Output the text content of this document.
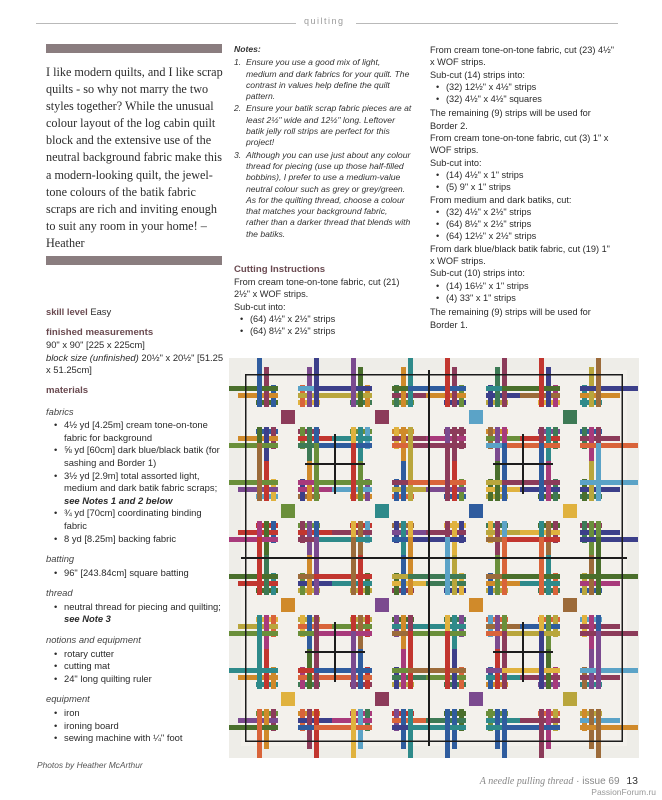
quilting
I like modern quilts, and I like scrap quilts - so why not marry the two styles together? While the unusual colour layout of the log cabin quilt block and the extensive use of the neutral background fabric make this a modern-looking quilt, the jewel-tone colours of the batik fabric scraps are rich and inviting enough to suit any room in your home! – Heather
skill level Easy
finished measurements
90" x 90" [225 x 225cm]
block size (unfinished) 20½" x 20½" [51.25 x 51.25cm]
materials
fabrics
• 4½ yd [4.25m] cream tone-on-tone fabric for background
• ⅝ yd [60cm] dark blue/black batik (for sashing and Border 1)
• 3½ yd [2.9m] total assorted light, medium and dark batik fabric scraps; see Notes 1 and 2 below
• ¾ yd [70cm] coordinating binding fabric
• 8 yd [8.25m] backing fabric
batting
• 96" [243.84cm] square batting
thread
• neutral thread for piecing and quilting; see Note 3
notions and equipment
• rotary cutter
• cutting mat
• 24" long quilting ruler
equipment
• iron
• ironing board
• sewing machine with ¼" foot
Notes:
1. Ensure you use a good mix of light, medium and dark fabrics for your quilt. The contrast in values help define the quilt pattern.
2. Ensure your batik scrap fabric pieces are at least 2½" wide and 12½" long. Leftover batik jelly roll strips are perfect for this project!
3. Although you can use just about any colour thread for piecing (use up those half-filled bobbins), I prefer to use a medium-value neutral colour such as grey or grey/green. As for the quilting thread, choose a colour that matches your background fabric, rather than a darker thread that blends with the batiks.
Cutting Instructions
From cream tone-on-tone fabric, cut (21) 2½" x WOF strips.
Sub-cut into:
• (64) 4½" x 2½" strips
• (64) 8½" x 2½" strips

From cream tone-on-tone fabric, cut (23) 4½" x WOF strips.

Sub-cut (14) strips into:

• (32) 12½" x 4½" strips
• (32) 4½" x 4½" squares

The remaining (9) strips will be used for Border 2.

From cream tone-on-tone fabric, cut (3) 1" x WOF strips.

Sub-cut into:

• (14) 4½" x 1" strips
• (5) 9" x 1" strips

From medium and dark batiks, cut:

• (32) 4½" x 2½" strips
• (64) 8½" x 2½" strips
• (64) 12½" x 2½" strips

From dark blue/black batik fabric, cut (19) 1" x WOF strips.

Sub-cut (10) strips into:

• (14) 16½" x 1" strips
• (4) 33" x 1" strips

The remaining (9) strips will be used for Border 1.

Photos by Heather McArthur
A needle pulling thread · issue 69 13
PassionForum.ru
